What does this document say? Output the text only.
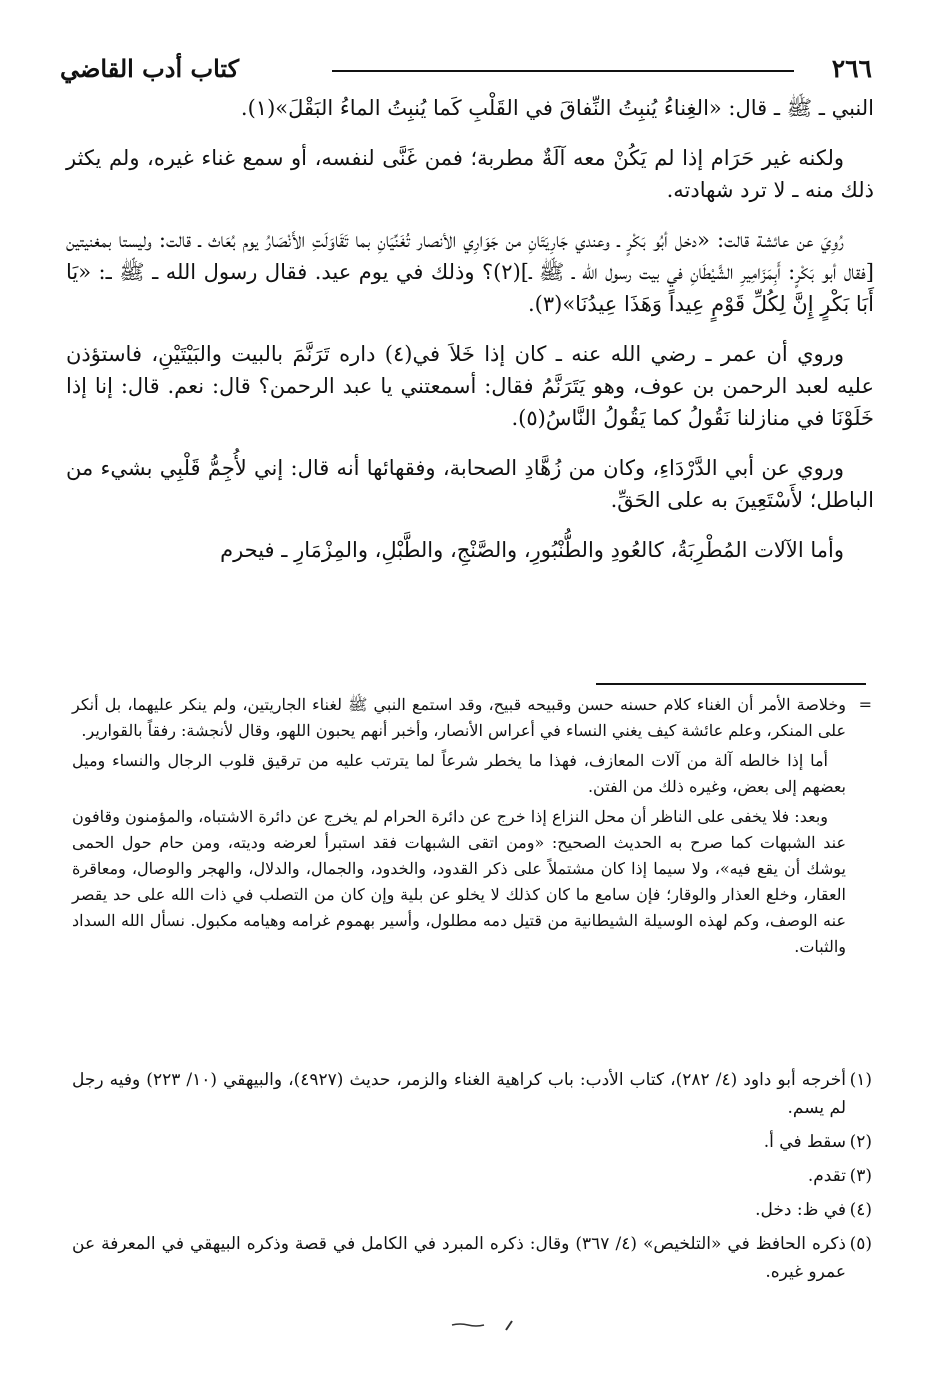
٢٦٦
كتاب أدب القاضي

النبي ـ ﷺ ـ قال: «الغِناءُ يُنبِتُ النِّفاقَ في القَلْبِ كَما يُنبِتُ الماءُ البَقْلَ»(١).

ولكنه غير حَرَام إذا لم يَكُنْ معه آلَةٌ مطربة؛ فمن غَنَّى لنفسه، أو سمع غناء غيره، ولم يكثر ذلك منه ـ لا ترد شهادته.

رُوِيَ عن عائشة قالت: «دخل أبُو بَكْرٍ ـ وعندي جَارِيَتَانِ من جَوَارِي الأنصار تُغَنِّيَانِ بما تَقَاوَلَتِ الأَنْصَارُ يوم بُعَاث ـ قالت: وليستا بمغنيتين [فقال أبو بَكْرٍ: أَبِمَزَامِيرِ الشَّيْطَانِ في بيت رسول الله ـ ﷺ ـ](٢)؟ وذلك في يوم عيد. فقال رسول الله ـ ﷺ ـ: «يَا أَبَا بَكْرٍ إِنَّ لِكُلِّ قَوْمٍ عِيداً وَهَذَا عِيدُنَا»(٣).

وروي أن عمر ـ رضي الله عنه ـ كان إذا خَلاَ في(٤) داره تَرَنَّمَ بالبيت والبَيْتَيْنِ، فاستؤذن عليه لعبد الرحمن بن عوف، وهو يَتَرَنَّمُ فقال: أسمعتني يا عبد الرحمن؟ قال: نعم. قال: إنا إذا خَلَوْنَا في منازلنا نَقُولُ كما يَقُولُ النَّاسُ(٥).

وروي عن أبي الدَّرْدَاءِ، وكان من زُهَّادِ الصحابة، وفقهائها أنه قال: إني لأُجِمُّ قَلْبِي بشيء من الباطل؛ لأَسْتَعِينَ به على الحَقِّ.

وأما الآلات المُطْرِبَةُ، كالعُودِ والطُّنْبُورِ، والصَّنْجِ، والطَّبْلِ، والمِزْمَارِ ـ فيحرم

=
وخلاصة الأمر أن الغناء كلام حسنه حسن وقبيحه قبيح، وقد استمع النبي ﷺ لغناء الجاريتين، ولم ينكر عليهما، بل أنكر على المنكر، وعلم عائشة كيف يغني النساء في أعراس الأنصار، وأخبر أنهم يحبون اللهو، وقال لأنجشة: رفقاً بالقوارير.
أما إذا خالطه آلة من آلات المعازف، فهذا ما يخطر شرعاً لما يترتب عليه من ترقيق قلوب الرجال والنساء وميل بعضهم إلى بعض، وغيره ذلك من الفتن.
وبعد: فلا يخفى على الناظر أن محل النزاع إذا خرج عن دائرة الحرام لم يخرج عن دائرة الاشتباه، والمؤمنون وقافون عند الشبهات كما صرح به الحديث الصحيح: «ومن اتقى الشبهات فقد استبرأ لعرضه وديته، ومن حام حول الحمى يوشك أن يقع فيه»، ولا سيما إذا كان مشتملاً على ذكر القدود، والخدود، والجمال، والدلال، والهجر والوصال، ومعاقرة العقار، وخلع العذار والوقار؛ فإن سامع ما كان كذلك لا يخلو عن بلية وإن كان من التصلب في ذات الله على حد يقصر عنه الوصف، وكم لهذه الوسيلة الشيطانية من قتيل دمه مطلول، وأسير بهموم غرامه وهيامه مكبول. نسأل الله السداد والثبات.
(١)
أخرجه أبو داود (٤/ ٢٨٢)، كتاب الأدب: باب كراهية الغناء والزمر، حديث (٤٩٢٧)، والبيهقي (١٠/ ٢٢٣) وفيه رجل لم يسم.
(٢)
سقط في أ.
(٣)
تقدم.
(٤)
في ظ: دخل.
(٥)
ذكره الحافظ في «التلخيص» (٤/ ٣٦٧) وقال: ذكره المبرد في الكامل في قصة وذكره البيهقي في المعرفة عن عمرو غيره.
